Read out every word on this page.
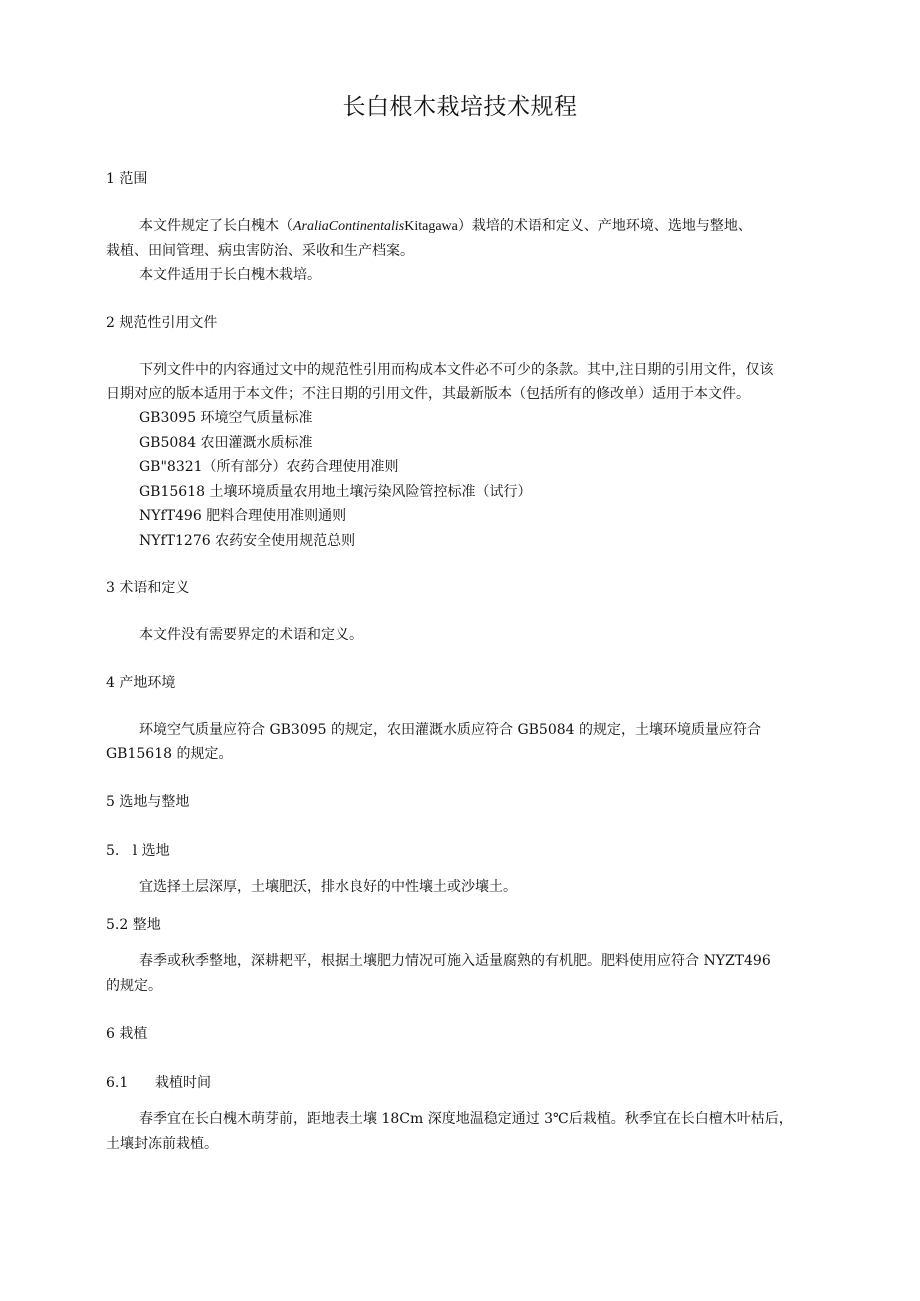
长白根木栽培技术规程
1 范围
本文件规定了长白槐木（AraliaContinentalisKitagawa）栽培的术语和定义、产地环境、选地与整地、
栽植、田间管理、病虫害防治、采收和生产档案。
本文件适用于长白槐木栽培。
2 规范性引用文件
下列文件中的内容通过文中的规范性引用而构成本文件必不可少的条款。其中,注日期的引用文件，仅该
日期对应的版本适用于本文件；不注日期的引用文件，其最新版本（包括所有的修改单）适用于本文件。
GB3095 环境空气质量标准
GB5084 农田灌溉水质标准
GB"8321（所有部分）农药合理使用准则
GB15618 土壤环境质量农用地土壤污染风险管控标准（试行）
NYfT496 肥料合理使用准则通则
NYfT1276 农药安全使用规范总则
3 术语和定义
本文件没有需要界定的术语和定义。
4 产地环境
环境空气质量应符合 GB3095 的规定，农田灌溉水质应符合 GB5084 的规定，土壤环境质量应符合
GB15618 的规定。
5 选地与整地
5.   l 选地
宜选择土层深厚，土壤肥沃，排水良好的中性壤土或沙壤土。
5.2 整地
春季或秋季整地，深耕耙平，根据土壤肥力情况可施入适量腐熟的有机肥。肥料使用应符合 NYZT496
的规定。
6 栽植
6.1      栽植时间
春季宜在长白槐木萌芽前，距地表土壤 18Cm 深度地温稳定通过 3℃后栽植。秋季宜在长白檀木叶枯后，
土壤封冻前栽植。
